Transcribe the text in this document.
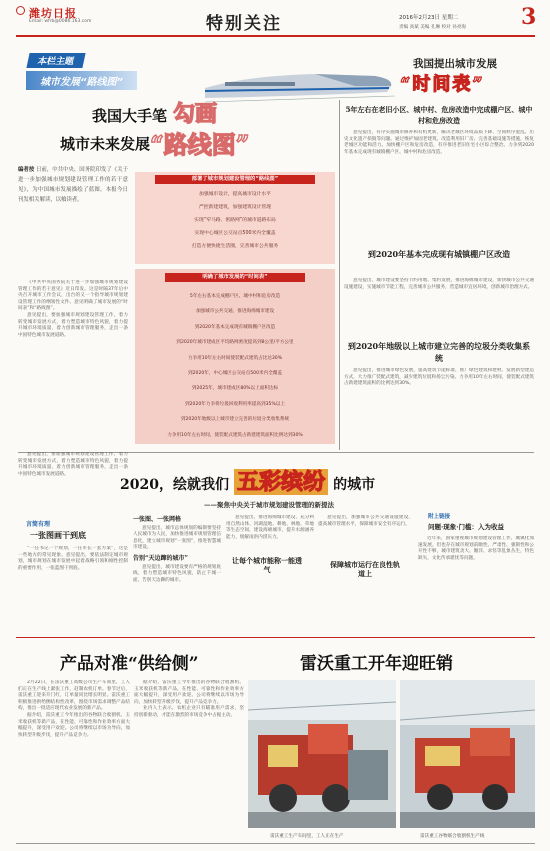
潍坊日报
Email: wfrb@0086.163.com	特别关注	2016年2月23日 星期二
责编 高斌 美编 孔琳 校对 孙亮海 3
本栏主题
城市发展“路线图”
我国提出城市发展
“时间表”
我国大手笔 勾画
城市未来发展 “路线图”
编者按 日前，中共中央、国务院印发了《关于进一步加强城市规划建设管理工作的若干意见》，为中国城市发展描绘了蓝图。本报今日刊发相关解读，以飨读者。
部署了城市规划建设管理的“路线图”
加强城市设计，提高城市设计水平
严控新建建筑，加强建筑设计管理
实现“窄马路、密路网”的城市道路布局
实现中心城区公交站点500米内全覆盖
打造方便快捷生活圈，完善城市公共服务
明确了城市发展的“时间表”
5年左右基本完成棚户区、城中村和危房改造
加强城市公共交通，推进海绵城市建设
到2020年基本完成现有城镇棚户区改造
到2020年城市建成区平均路网密度提高到8公里/平方公里
力争用10年左右时间使装配式建筑占比达30%
到2020年，中心城区公交站点500米内全覆盖
到2025年，城市建成区80%以上面积达标
到2020年力争将垃圾回收利用率提高到35%以上
到2020年地级以上城市建立完善的垃圾分类收集系统
力争用10年左右时间，使装配式建筑占新建建筑面积比例达到30%

《中共中央国务院关于进一步加强城市规划建设管理工作的若干意见》近日印发。这是时隔37年后中央召开城市工作会议，出台的又一个指导城市规划建设管理工作的纲领性文件。意见明确了城市发展的“时间表”和“路线图”。

意见提出，要加强城市规划建设管理工作，着力转变城市发展方式，着力塑造城市特色风貌，着力提升城市环境质量，着力创新城市管理服务，走出一条中国特色城市发展道路。

5年左右在老旧小区、城中村、危房改造中完成棚户区、城中村和危房改造

意见提出，有序实施城市修补和有机更新，解决老城区环境品质下降、空间秩序混乱、历史文化遗产损毁等问题。通过维护加固老建筑、改造利用旧厂房、完善基础设施等措施，恢复老城区功能和活力。加快棚户区和危房改造，有序推进老旧住宅小区综合整治。力争到2020年基本完成现有城镇棚户区、城中村和危房改造。

到2020年基本完成现有城镇棚户区改造

意见提出，城市建设要坚持节约用地、集约发展，推进海绵城市建设，加快城市公共交通设施建设，实施城市节能工程，完善城市公共服务，营造城市宜居环境，创新城市治理方式。

到2020年地级以上城市建立完善的垃圾分类收集系统

意见提出，推进城市绿色发展，提高建筑节能标准，推广绿色建筑和建材。发展新型建造方式，大力推广装配式建筑，减少建筑垃圾和扬尘污染。力争用10年左右时间，使装配式建筑占新建建筑面积的比例达到30%。

2020，绘就我们 五彩缤纷 的城市
——聚焦中央关于城市规划建设管理的新提法

意见提出，要加强城市规划建设管理工作，着力转变城市发展方式，着力塑造城市特色风貌，着力提升城市环境质量，着力创新城市管理服务，走出一条中国特色城市发展道路。

言简有理
一张图画干到底

“一任书记一个规划，一任市长一套方案”，这是一些地方的常见现象。意见提出，要依法制定城市规划，城市规划在城市发展中起着战略引领和刚性控制的重要作用，一张蓝图干到底。

一张图、一张网格

意见提出，城市总体规划的编制要坚持人民城市为人民，加快推进城市规划管理信息化，建立城市规划“一张图”，推进智慧城市建设。

告别“天边蹿的城市”

意见提出，城市建设要有严格的规划底线，着力塑造城市特色风貌，防止千城一面，告别天边蹿的城市。

意见提出，推进海绵城市建设，充分利用自然山体、河湖湿地、耕地、林地、草地等生态空间，建设海绵城市，提升水源涵养能力，缓解雨洪内涝压力。

让每个城市能称一能透气

意见提出，加强城市公共交通设施建设，提高城市管理水平，保障城市安全有序运行。

保障城市运行在良性轨道上
附上链接
问题·现象·门槛：入为收益

近年来，国家重视城市规划建设管理工作，城镇化加速发展。但也存在城市规划前瞻性、严肃性、强制性和公开性不够，城市建筑贪大、媚洋、求怪等乱象丛生，特色缺失，文化传承堪忧等问题。

产品对准“供给侧”	雷沃重工开年迎旺销

2月22日，在雷沃重工高级公司生产车间里，工人们正在生产线上紧张工作，赶制农机订单。春节过后，雷沃重工迎来开门红，订单量同比增长明显。雷沃重工积极推进供给侧结构性改革，围绕市场需求调整产品结构，推出一批适应现代农业发展的新产品。

据介绍，雷沃重工今年推出的谷物联合收割机、玉米收获机等新产品，在性能、可靠性和作业效率方面大幅提升，深受用户欢迎。公司将继续以市场为导向，加快转型升级步伐，提升产品竞争力。

据介绍，雷沃重工今年推出的谷物联合收割机、玉米收获机等新产品，在性能、可靠性和作业效率方面大幅提升，深受用户欢迎。公司将继续以市场为导向，加快转型升级步伐，提升产品竞争力。

业内人士表示，农机企业只有瞄准用户需求，坚持创新驱动，才能在激烈的市场竞争中占据主动。

雷沃重工生产车间里，工人正在生产	雷沃重工谷物联合收割机生产线
